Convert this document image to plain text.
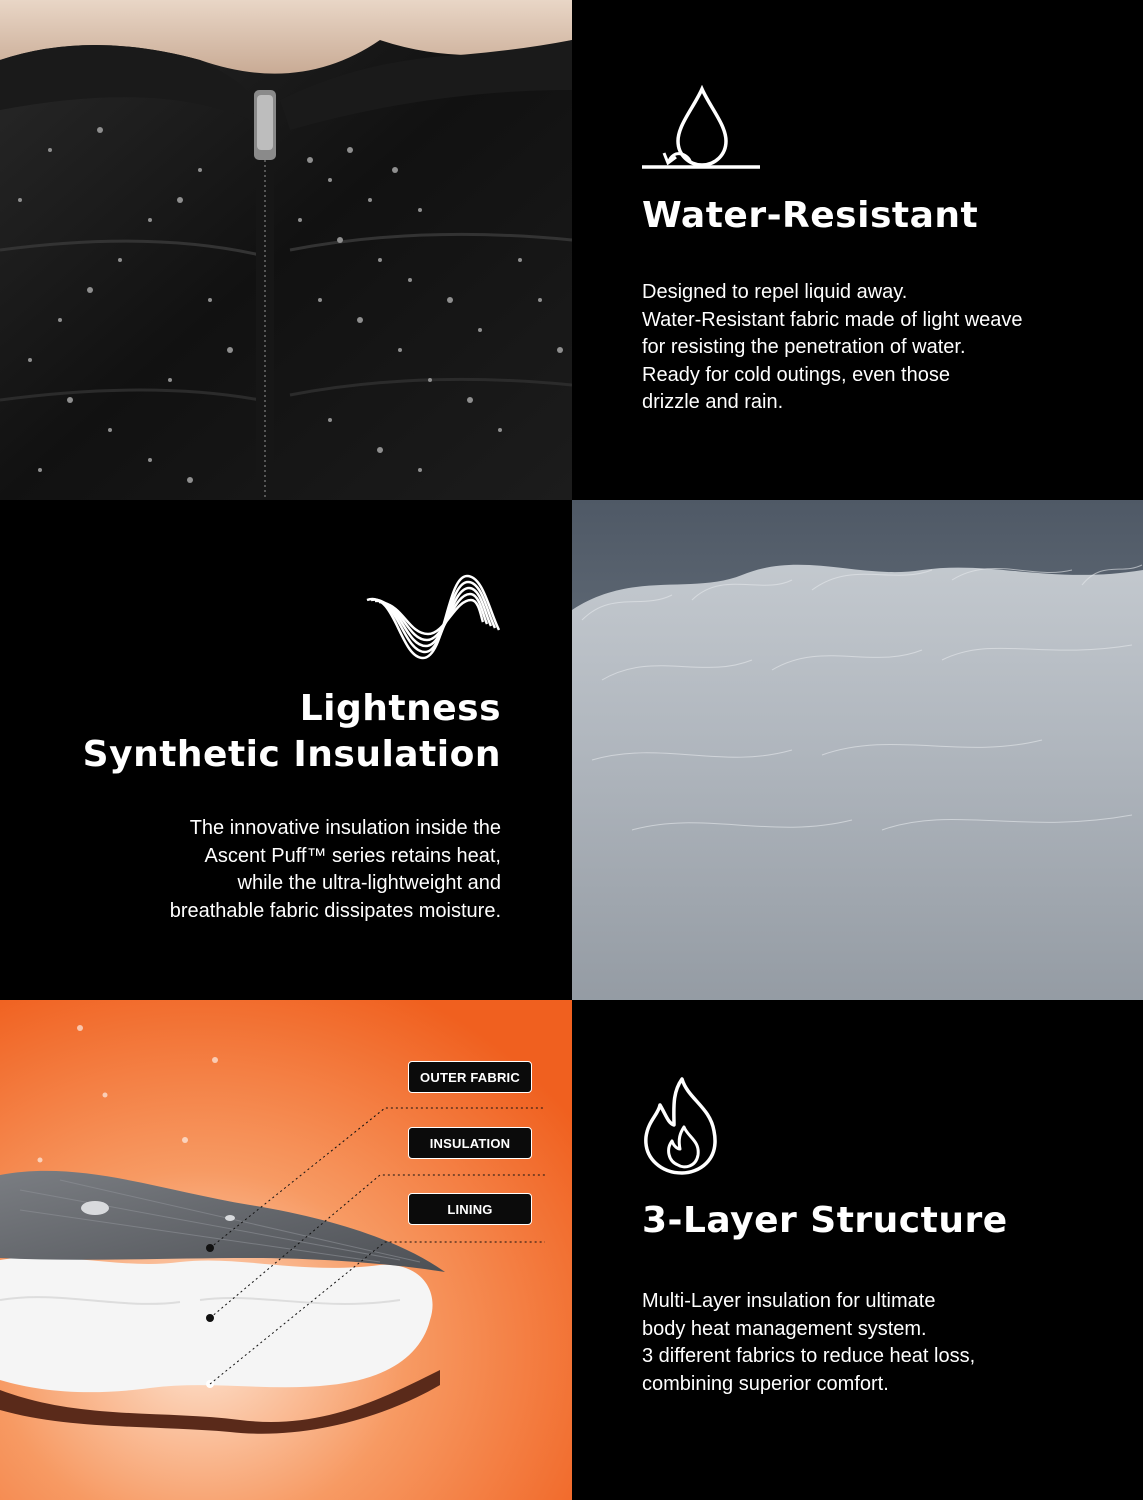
Water-Resistant
Designed to repel liquid away.
Water-Resistant fabric made of light weave
for resisting the penetration of water.
Ready for cold outings, even those
drizzle and rain.
Lightness
Synthetic Insulation
The innovative insulation inside the
Ascent Puff™ series retains heat,
while the ultra-lightweight and
breathable fabric dissipates moisture.
OUTER FABRIC
INSULATION
LINING	3-Layer Structure
Multi-Layer insulation for ultimate
body heat management system.
3 different fabrics to reduce heat loss,
combining superior comfort.
